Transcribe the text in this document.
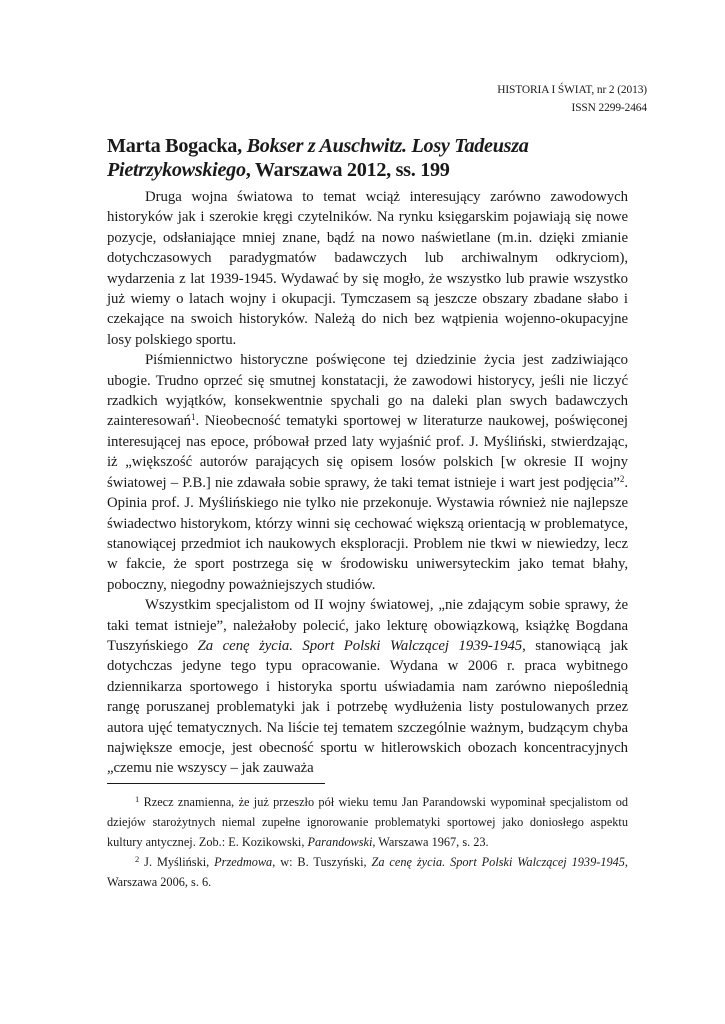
HISTORIA I ŚWIAT, nr 2 (2013)
ISSN 2299-2464
Marta Bogacka, Bokser z Auschwitz. Losy Tadeusza Pietrzykowskiego, Warszawa 2012, ss. 199

Druga wojna światowa to temat wciąż interesujący zarówno zawodowych historyków jak i szerokie kręgi czytelników. Na rynku księgarskim pojawiają się nowe pozycje, odsłaniające mniej znane, bądź na nowo naświetlane (m.in. dzięki zmianie dotychczasowych paradygmatów badawczych lub archiwalnym odkryciom), wydarzenia z lat 1939-1945. Wydawać by się mogło, że wszystko lub prawie wszystko już wiemy o latach wojny i okupacji. Tymczasem są jeszcze obszary zbadane słabo i czekające na swoich historyków. Należą do nich bez wątpienia wojenno-okupacyjne losy polskiego sportu.

Piśmiennictwo historyczne poświęcone tej dziedzinie życia jest zadziwiająco ubogie. Trudno oprzeć się smutnej konstatacji, że zawodowi historycy, jeśli nie liczyć rzadkich wyjątków, konsekwentnie spychali go na daleki plan swych badawczych zainteresowań$^1$. Nieobecność tematyki sportowej w literaturze naukowej, poświęconej interesującej nas epoce, próbował przed laty wyjaśnić prof. J. Myśliński, stwierdzając, iż „większość autorów parających się opisem losów polskich [w okresie II wojny światowej – P.B.] nie zdawała sobie sprawy, że taki temat istnieje i wart jest podjęcia”$^2$. Opinia prof. J. Myślińskiego nie tylko nie przekonuje. Wystawia również nie najlepsze świadectwo historykom, którzy winni się cechować większą orientacją w problematyce, stanowiącej przedmiot ich naukowych eksploracji. Problem nie tkwi w niewiedzy, lecz w fakcie, że sport postrzega się w środowisku uniwersyteckim jako temat błahy, poboczny, niegodny poważniejszych studiów.

Wszystkim specjalistom od II wojny światowej, „nie zdającym sobie sprawy, że taki temat istnieje”, należałoby polecić, jako lekturę obowiązkową, książkę Bogdana Tuszyńskiego Za cenę życia. Sport Polski Walczącej 1939-1945, stanowiącą jak dotychczas jedyne tego typu opracowanie. Wydana w 2006 r. praca wybitnego dziennikarza sportowego i historyka sportu uświadamia nam zarówno niepoślednią rangę poruszanej problematyki jak i potrzebę wydłużenia listy postulowanych przez autora ujęć tematycznych. Na liście tej tematem szczególnie ważnym, budzącym chyba największe emocje, jest obecność sportu w hitlerowskich obozach koncentracyjnych „czemu nie wszyscy – jak zauważa

$^1$ Rzecz znamienna, że już przeszło pół wieku temu Jan Parandowski wypominał specjalistom od dziejów starożytnych niemal zupełne ignorowanie problematyki sportowej jako doniosłego aspektu kultury antycznej. Zob.: E. Kozikowski, Parandowski, Warszawa 1967, s. 23.

$^2$ J. Myśliński, Przedmowa, w: B. Tuszyński, Za cenę życia. Sport Polski Walczącej 1939-1945, Warszawa 2006, s. 6.
